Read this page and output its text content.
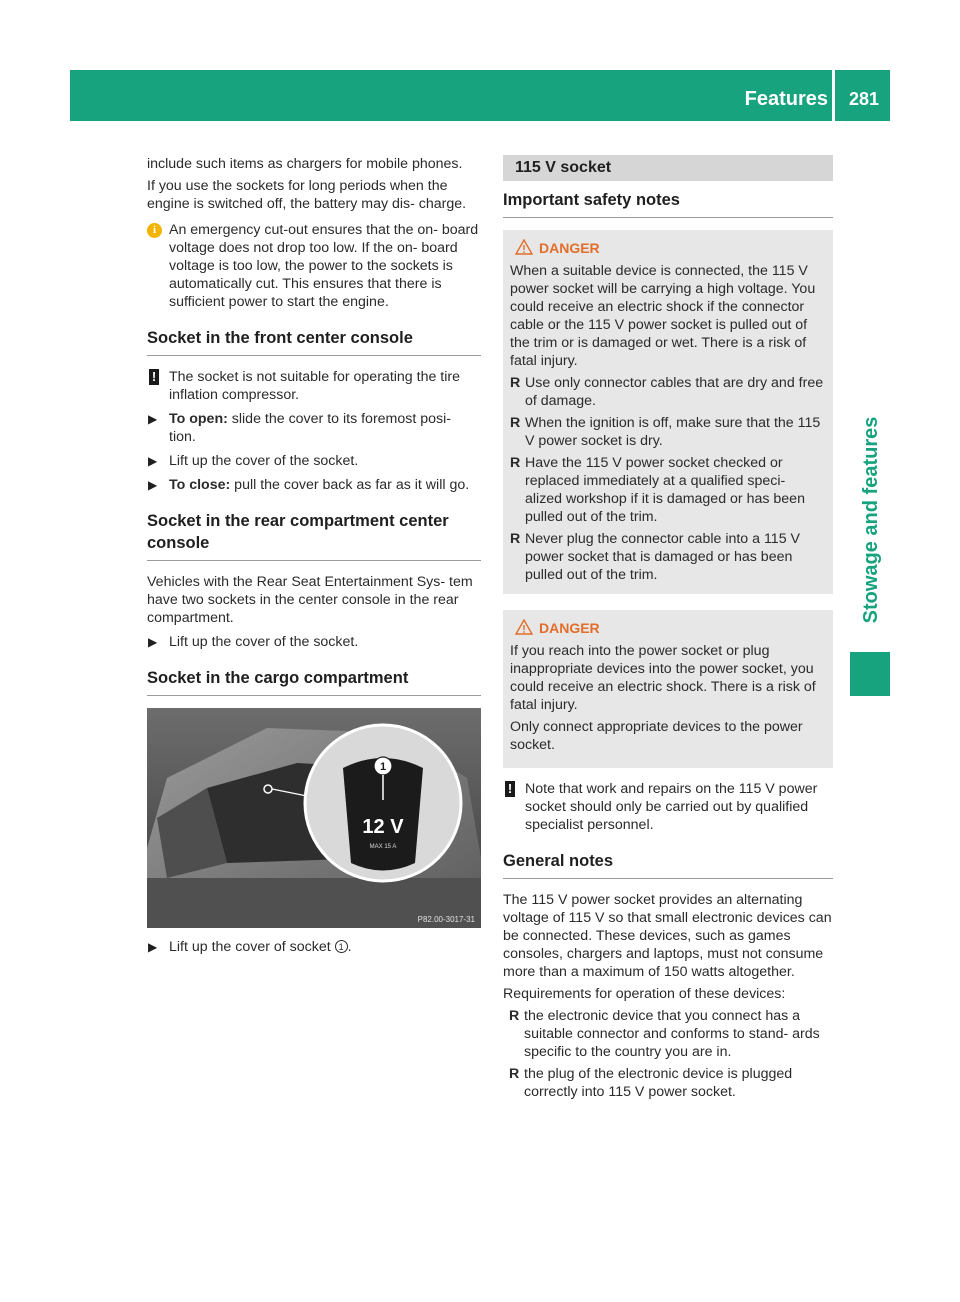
Features	281
Stowage and features

include such items as chargers for mobile phones.

If you use the sockets for long periods when the engine is switched off, the battery may dis- charge.

i An emergency cut-out ensures that the on- board voltage does not drop too low. If the on- board voltage is too low, the power to the sockets is automatically cut. This ensures that there is sufficient power to start the engine.
Socket in the front center console
! The socket is not suitable for operating the tire inflation compressor.
▶ To open: slide the cover to its foremost posi- tion.
▶ Lift up the cover of the socket.
▶ To close: pull the cover back as far as it will go.
Socket in the rear compartment center console

Vehicles with the Rear Seat Entertainment Sys- tem have two sockets in the center console in the rear compartment.

▶ Lift up the cover of the socket.
Socket in the cargo compartment
1
12 V
MAX 15 A
P82.00-3017-31
▶ Lift up the cover of socket 1 .
115 V socket
Important safety notes
DANGER

When a suitable device is connected, the 115 V power socket will be carrying a high voltage. You could receive an electric shock if the connector cable or the 115 V power socket is pulled out of the trim or is damaged or wet. There is a risk of fatal injury.

R Use only connector cables that are dry and free of damage.
R When the ignition is off, make sure that the 115 V power socket is dry.
R Have the 115 V power socket checked or replaced immediately at a qualified speci- alized workshop if it is damaged or has been pulled out of the trim.
R Never plug the connector cable into a 115 V power socket that is damaged or has been pulled out of the trim.
DANGER

If you reach into the power socket or plug inappropriate devices into the power socket, you could receive an electric shock. There is a risk of fatal injury.

Only connect appropriate devices to the power socket.

! Note that work and repairs on the 115 V power socket should only be carried out by qualified specialist personnel.
General notes

The 115 V power socket provides an alternating voltage of 115 V so that small electronic devices can be connected. These devices, such as games consoles, chargers and laptops, must not consume more than a maximum of 150 watts altogether.

Requirements for operation of these devices:

R the electronic device that you connect has a suitable connector and conforms to stand- ards specific to the country you are in.
R the plug of the electronic device is plugged correctly into 115 V power socket.
